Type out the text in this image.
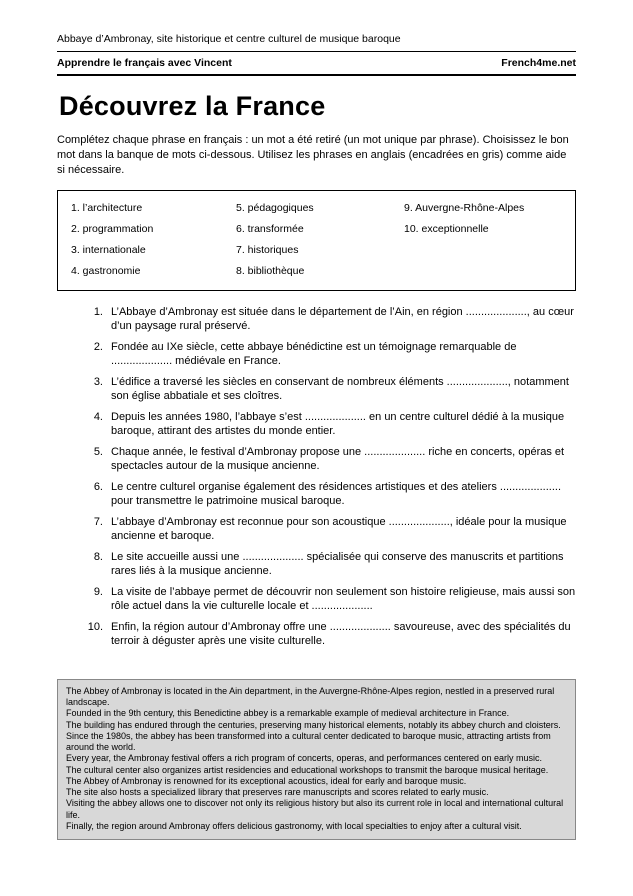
Abbaye d’Ambronay, site historique et centre culturel de musique baroque
Apprendre le français avec Vincent	French4me.net
Découvrez la France

Complétez chaque phrase en français : un mot a été retiré (un mot unique par phrase). Choisissez le bon mot dans la banque de mots ci-dessous. Utilisez les phrases en anglais (encadrées en gris) comme aide si nécessaire.

1. l’architecture
2. programmation
3. internationale
4. gastronomie
5. pédagogiques
6. transformée
7. historiques
8. bibliothèque
9. Auvergne-Rhône-Alpes
10. exceptionnelle
1. L’Abbaye d’Ambronay est située dans le département de l’Ain, en région ...................., au cœur d’un paysage rural préservé.
2. Fondée au IXe siècle, cette abbaye bénédictine est un témoignage remarquable de .................... médiévale en France.
3. L’édifice a traversé les siècles en conservant de nombreux éléments ...................., notamment son église abbatiale et ses cloîtres.
4. Depuis les années 1980, l’abbaye s’est .................... en un centre culturel dédié à la musique baroque, attirant des artistes du monde entier.
5. Chaque année, le festival d’Ambronay propose une .................... riche en concerts, opéras et spectacles autour de la musique ancienne.
6. Le centre culturel organise également des résidences artistiques et des ateliers .................... pour transmettre le patrimoine musical baroque.
7. L’abbaye d’Ambronay est reconnue pour son acoustique ...................., idéale pour la musique ancienne et baroque.
8. Le site accueille aussi une .................... spécialisée qui conserve des manuscrits et partitions rares liés à la musique ancienne.
9. La visite de l’abbaye permet de découvrir non seulement son histoire religieuse, mais aussi son rôle actuel dans la vie culturelle locale et ....................
10. Enfin, la région autour d’Ambronay offre une .................... savoureuse, avec des spécialités du terroir à déguster après une visite culturelle.

The Abbey of Ambronay is located in the Ain department, in the Auvergne-Rhône-Alpes region, nestled in a preserved rural landscape.

Founded in the 9th century, this Benedictine abbey is a remarkable example of medieval architecture in France.

The building has endured through the centuries, preserving many historical elements, notably its abbey church and cloisters.

Since the 1980s, the abbey has been transformed into a cultural center dedicated to baroque music, attracting artists from around the world.

Every year, the Ambronay festival offers a rich program of concerts, operas, and performances centered on early music.

The cultural center also organizes artist residencies and educational workshops to transmit the baroque musical heritage.

The Abbey of Ambronay is renowned for its exceptional acoustics, ideal for early and baroque music.

The site also hosts a specialized library that preserves rare manuscripts and scores related to early music.

Visiting the abbey allows one to discover not only its religious history but also its current role in local and international cultural life.

Finally, the region around Ambronay offers delicious gastronomy, with local specialties to enjoy after a cultural visit.
